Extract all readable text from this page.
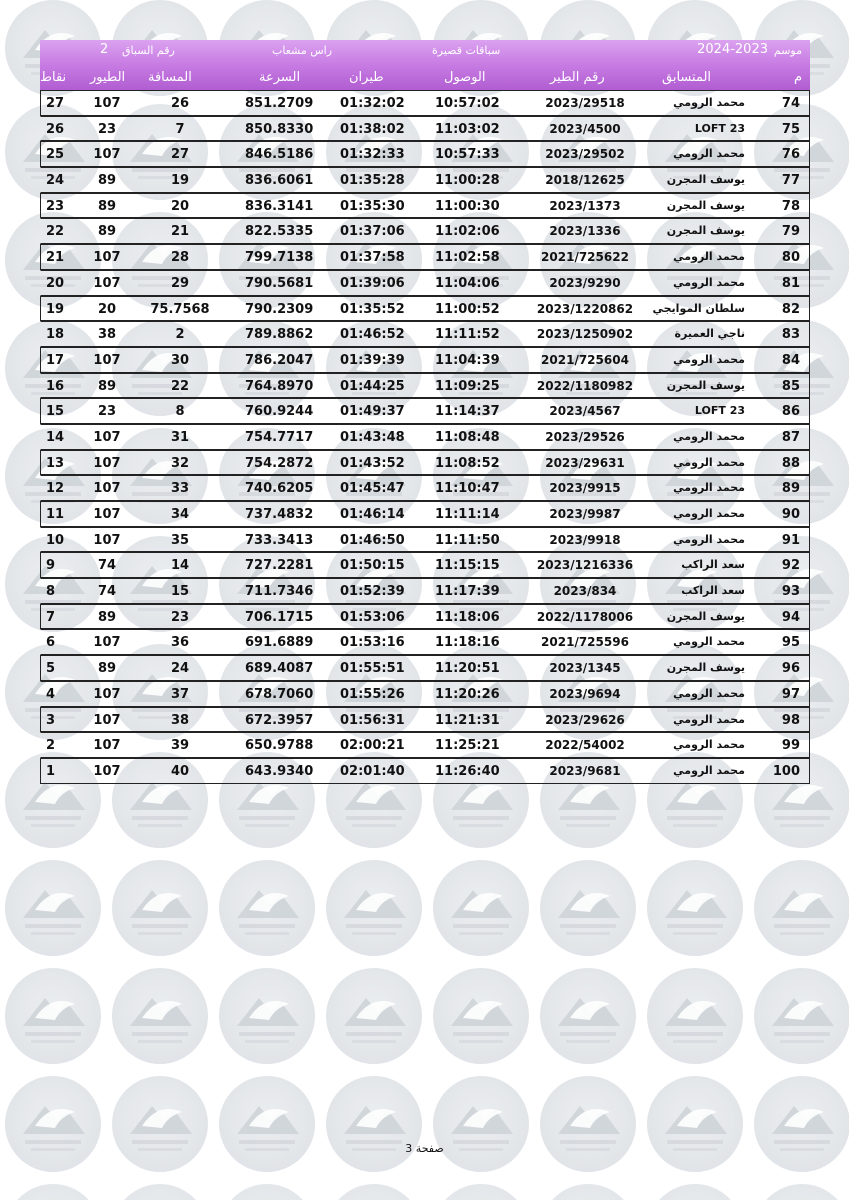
موسم
2024-2023
سباقات قصيرة
راس مشعاب
رقم السباق
2
م
المتسابق
رقم الطير
الوصول
طيران
السرعة
المسافة
الطيور
نقاط
74
محمد الرومي
2023/29518
10:57:02
01:32:02
851.2709
26
107
27
75
LOFT 23
2023/4500
11:03:02
01:38:02
850.8330
7
23
26
76
محمد الرومي
2023/29502
10:57:33
01:32:33
846.5186
27
107
25
77
يوسف المجرن
2018/12625
11:00:28
01:35:28
836.6061
19
89
24
78
يوسف المجرن
2023/1373
11:00:30
01:35:30
836.3141
20
89
23
79
يوسف المجرن
2023/1336
11:02:06
01:37:06
822.5335
21
89
22
80
محمد الرومي
2021/725622
11:02:58
01:37:58
799.7138
28
107
21
81
محمد الرومي
2023/9290
11:04:06
01:39:06
790.5681
29
107
20
82
سلطان الموايجي
2023/1220862
11:00:52
01:35:52
790.2309
75.7568
20
19
83
ناجي العميرة
2023/1250902
11:11:52
01:46:52
789.8862
2
38
18
84
محمد الرومي
2021/725604
11:04:39
01:39:39
786.2047
30
107
17
85
يوسف المجرن
2022/1180982
11:09:25
01:44:25
764.8970
22
89
16
86
LOFT 23
2023/4567
11:14:37
01:49:37
760.9244
8
23
15
87
محمد الرومي
2023/29526
11:08:48
01:43:48
754.7717
31
107
14
88
محمد الرومي
2023/29631
11:08:52
01:43:52
754.2872
32
107
13
89
محمد الرومي
2023/9915
11:10:47
01:45:47
740.6205
33
107
12
90
محمد الرومي
2023/9987
11:11:14
01:46:14
737.4832
34
107
11
91
محمد الرومي
2023/9918
11:11:50
01:46:50
733.3413
35
107
10
92
سعد الراكب
2023/1216336
11:15:15
01:50:15
727.2281
14
74
9
93
سعد الراكب
2023/834
11:17:39
01:52:39
711.7346
15
74
8
94
يوسف المجرن
2022/1178006
11:18:06
01:53:06
706.1715
23
89
7
95
محمد الرومي
2021/725596
11:18:16
01:53:16
691.6889
36
107
6
96
يوسف المجرن
2023/1345
11:20:51
01:55:51
689.4087
24
89
5
97
محمد الرومي
2023/9694
11:20:26
01:55:26
678.7060
37
107
4
98
محمد الرومي
2023/29626
11:21:31
01:56:31
672.3957
38
107
3
99
محمد الرومي
2022/54002
11:25:21
02:00:21
650.9788
39
107
2
100
محمد الرومي
2023/9681
11:26:40
02:01:40
643.9340
40
107
1
صفحة 3
